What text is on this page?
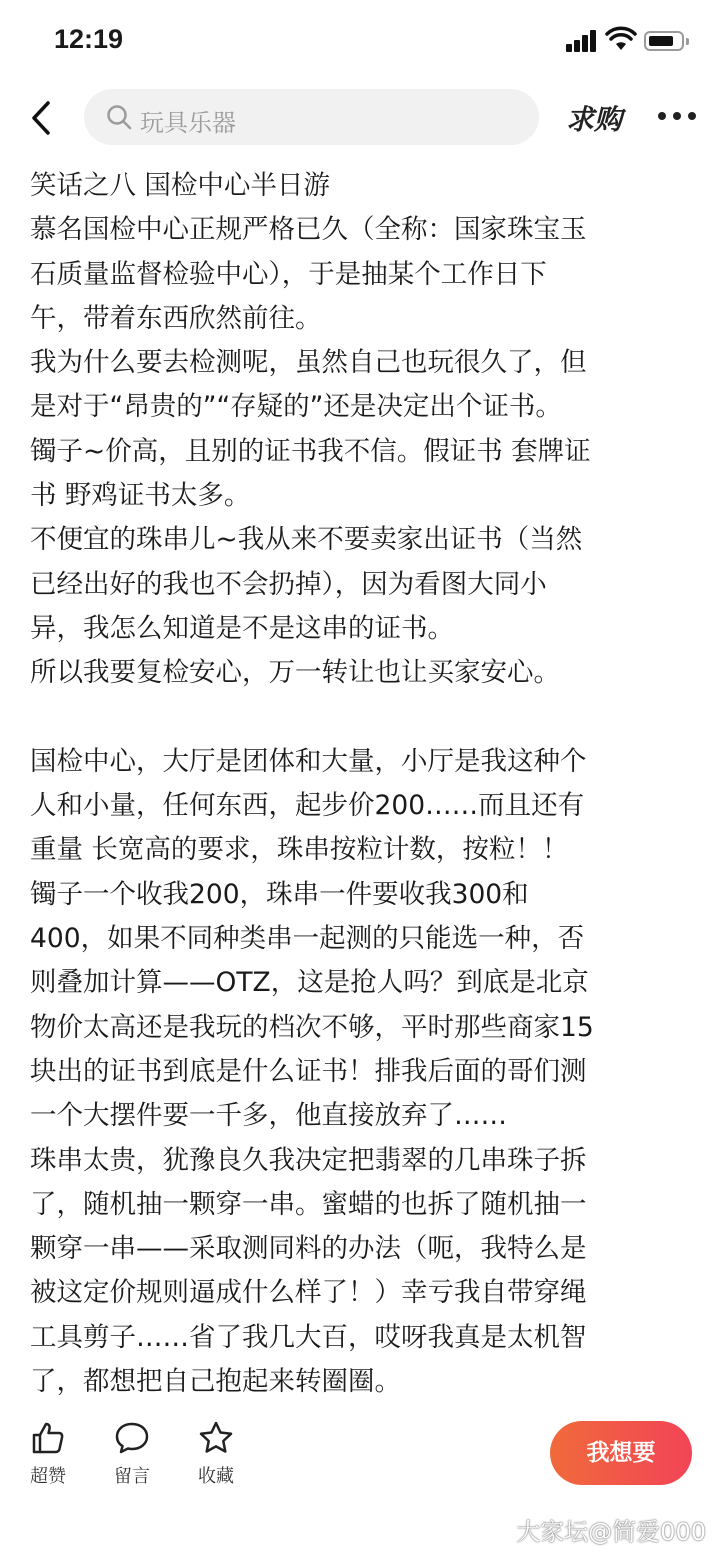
12:19
玩具乐器	求购
笑话之八 国检中心半日游
慕名国检中心正规严格已久（全称：国家珠宝玉
石质量监督检验中心），于是抽某个工作日下
午，带着东西欣然前往。
我为什么要去检测呢，虽然自己也玩很久了，但
是对于“昂贵的”“存疑的”还是决定出个证书。
镯子~价高，且别的证书我不信。假证书 套牌证
书 野鸡证书太多。
不便宜的珠串儿~我从来不要卖家出证书（当然
已经出好的我也不会扔掉），因为看图大同小
异，我怎么知道是不是这串的证书。
所以我要复检安心，万一转让也让买家安心。
国检中心，大厅是团体和大量，小厅是我这种个
人和小量，任何东西，起步价200……而且还有
重量 长宽高的要求，珠串按粒计数，按粒！！
镯子一个收我200，珠串一件要收我300和
400，如果不同种类串一起测的只能选一种，否
则叠加计算——OTZ，这是抢人吗？到底是北京
物价太高还是我玩的档次不够，平时那些商家15
块出的证书到底是什么证书！排我后面的哥们测
一个大摆件要一千多，他直接放弃了……
珠串太贵，犹豫良久我决定把翡翠的几串珠子拆
了，随机抽一颗穿一串。蜜蜡的也拆了随机抽一
颗穿一串——采取测同料的办法（呃，我特么是
被这定价规则逼成什么样了！）幸亏我自带穿绳
工具剪子……省了我几大百，哎呀我真是太机智
了，都想把自己抱起来转圈圈。
超赞	留言	收藏
我想要
大家坛@简爱000
